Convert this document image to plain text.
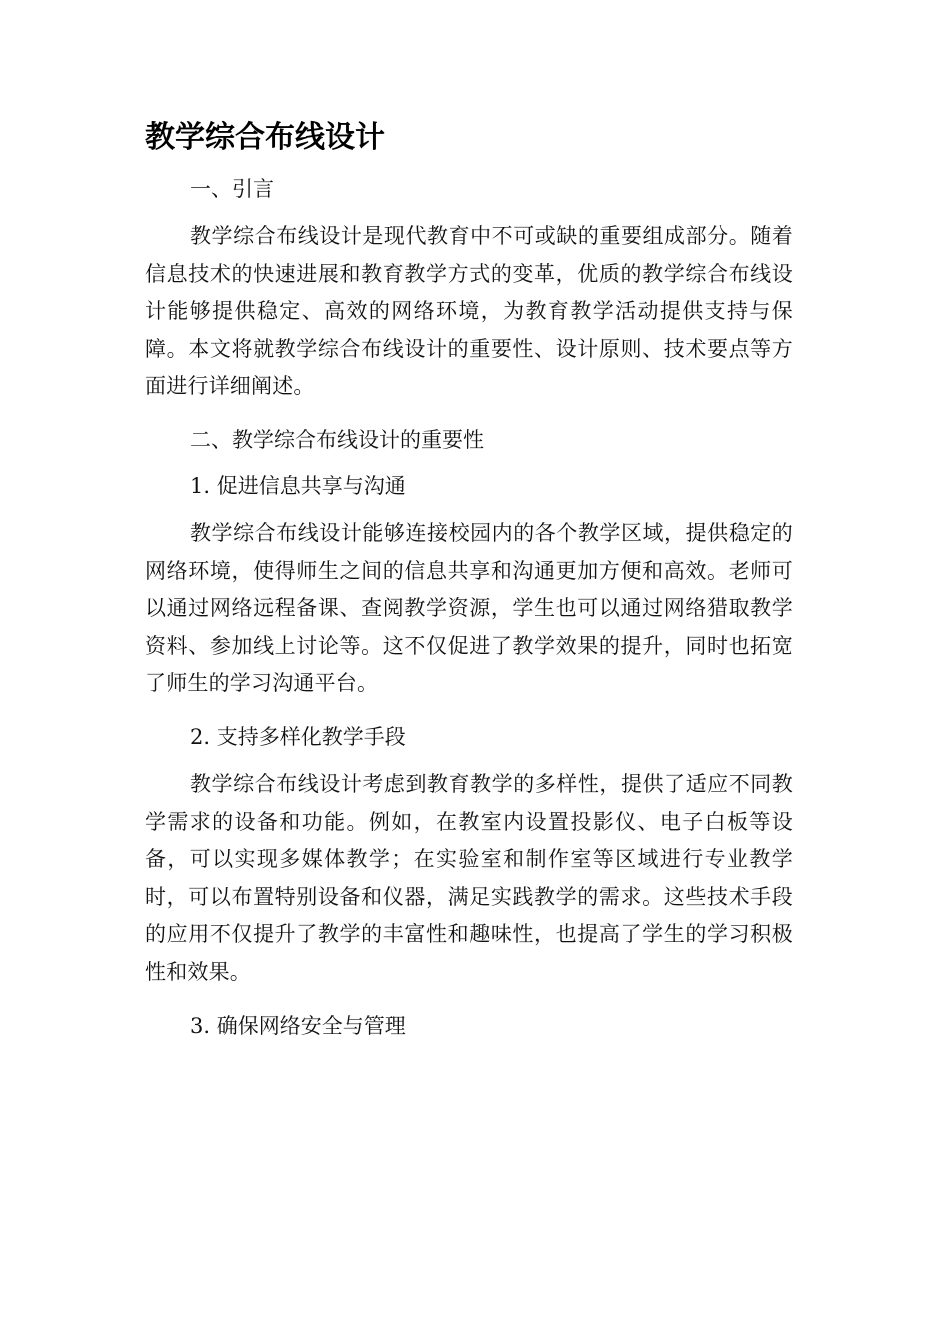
教学综合布线设计
一、引言

教学综合布线设计是现代教育中不可或缺的重要组成部分。随着信息技术的快速进展和教育教学方式的变革，优质的教学综合布线设计能够提供稳定、高效的网络环境，为教育教学活动提供支持与保障。本文将就教学综合布线设计的重要性、设计原则、技术要点等方面进行详细阐述。

二、教学综合布线设计的重要性
1. 促进信息共享与沟通

教学综合布线设计能够连接校园内的各个教学区域，提供稳定的网络环境，使得师生之间的信息共享和沟通更加方便和高效。老师可以通过网络远程备课、查阅教学资源，学生也可以通过网络猎取教学资料、参加线上讨论等。这不仅促进了教学效果的提升，同时也拓宽了师生的学习沟通平台。

2. 支持多样化教学手段

教学综合布线设计考虑到教育教学的多样性，提供了适应不同教学需求的设备和功能。例如，在教室内设置投影仪、电子白板等设备，可以实现多媒体教学；在实验室和制作室等区域进行专业教学时，可以布置特别设备和仪器，满足实践教学的需求。这些技术手段的应用不仅提升了教学的丰富性和趣味性，也提高了学生的学习积极性和效果。

3. 确保网络安全与管理
